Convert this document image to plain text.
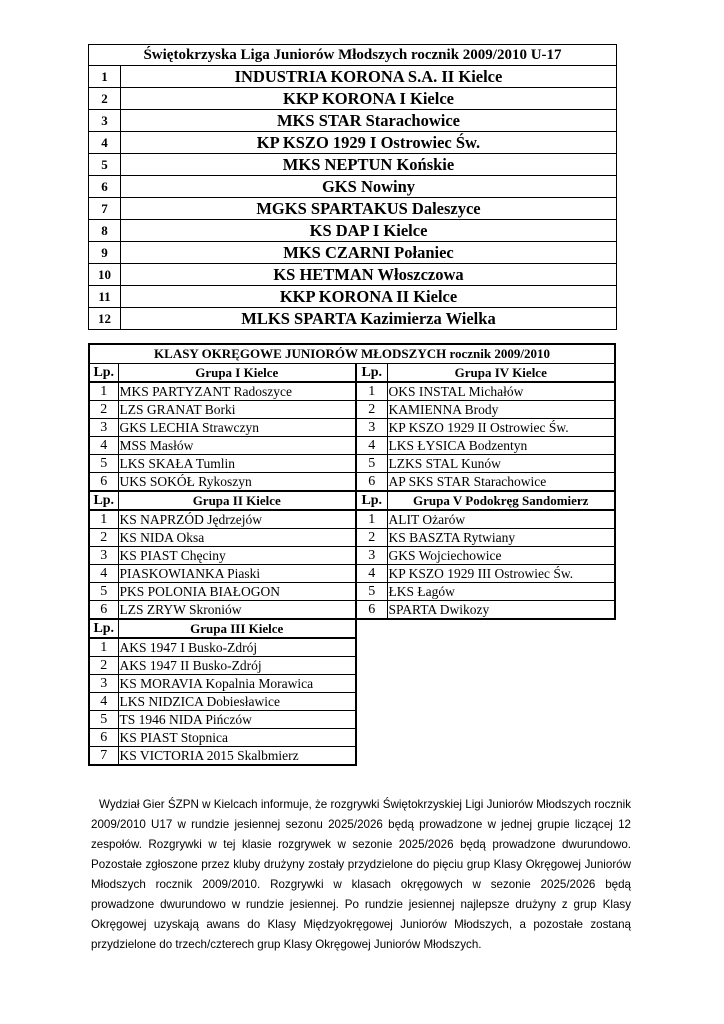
Świętokrzyska Liga Juniorów Młodszych rocznik 2009/2010 U-17	
1	INDUSTRIA KORONA S.A. II Kielce
2	KKP KORONA I Kielce
3	MKS STAR Starachowice
4	KP KSZO 1929 I Ostrowiec Św.
5	MKS NEPTUN Końskie
6	GKS Nowiny
7	MGKS SPARTAKUS Daleszyce
8	KS DAP I Kielce
9	MKS CZARNI Połaniec
10	KS HETMAN Włoszczowa
11	KKP KORONA II Kielce
12	MLKS SPARTA Kazimierza Wielka
KLASY OKRĘGOWE JUNIORÓW MŁODSZYCH rocznik 2009/2010			
Lp.	Grupa I Kielce	Lp.	Grupa IV Kielce
1	MKS PARTYZANT Radoszyce	1	OKS INSTAL Michałów
2	LZS GRANAT Borki	2	KAMIENNA Brody
3	GKS LECHIA Strawczyn	3	KP KSZO 1929 II Ostrowiec Św.
4	MSS Masłów	4	LKS ŁYSICA Bodzentyn
5	LKS SKAŁA Tumlin	5	LZKS STAL Kunów
6	UKS SOKÓŁ Rykoszyn	6	AP SKS STAR Starachowice
Lp.	Grupa II Kielce	Lp.	Grupa V Podokręg Sandomierz
1	KS NAPRZÓD Jędrzejów	1	ALIT Ożarów
2	KS NIDA Oksa	2	KS BASZTA Rytwiany
3	KS PIAST Chęciny	3	GKS Wojciechowice
4	PIASKOWIANKA Piaski	4	KP KSZO 1929 III Ostrowiec Św.
5	PKS POLONIA BIAŁOGON	5	ŁKS Łagów
6	LZS ZRYW Skroniów	6	SPARTA Dwikozy
Lp.	Grupa III Kielce		
1	AKS 1947 I Busko-Zdrój		
2	AKS 1947 II Busko-Zdrój		
3	KS MORAVIA Kopalnia Morawica		
4	LKS NIDZICA Dobiesławice		
5	TS 1946 NIDA Pińczów		
6	KS PIAST Stopnica		
7	KS VICTORIA 2015 Skalbmierz		

Wydział Gier ŚZPN w Kielcach informuje, że rozgrywki Świętokrzyskiej Ligi Juniorów Młodszych rocznik 2009/2010 U17 w rundzie jesiennej sezonu 2025/2026 będą prowadzone w jednej grupie liczącej 12 zespołów. Rozgrywki w tej klasie rozgrywek w sezonie 2025/2026 będą prowadzone dwurundowo. Pozostałe zgłoszone przez kluby drużyny zostały przydzielone do pięciu grup Klasy Okręgowej Juniorów Młodszych rocznik 2009/2010. Rozgrywki w klasach okręgowych w sezonie 2025/2026 będą prowadzone dwurundowo w rundzie jesiennej. Po rundzie jesiennej najlepsze drużyny z grup Klasy Okręgowej uzyskają awans do Klasy Międzyokręgowej Juniorów Młodszych, a pozostałe zostaną przydzielone do trzech/czterech grup Klasy Okręgowej Juniorów Młodszych.
